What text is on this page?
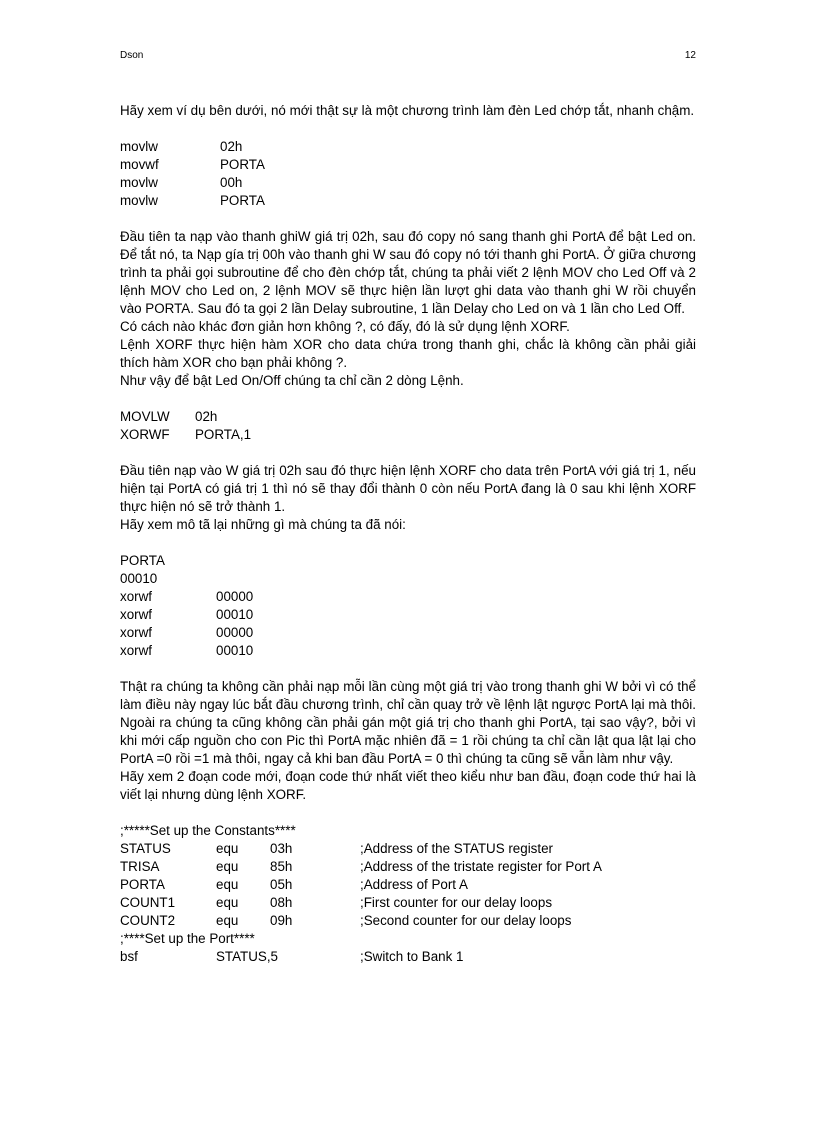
Dson	12

Hãy xem ví dụ bên dưới, nó mới thật sự là một chương trình làm đèn Led chớp tắt, nhanh chậm.

movlw	02h
movwf	PORTA
movlw	00h
movlw	PORTA

Đầu tiên ta nạp vào thanh ghiW giá trị 02h, sau đó copy nó sang thanh ghi PortA để bật Led on. Để tắt nó, ta Nạp gía trị 00h vào thanh ghi W sau đó copy nó tới thanh ghi PortA. Ở giữa chương trình ta phải gọi subroutine để cho đèn chớp tắt, chúng ta phải viết 2 lệnh MOV cho Led Off và 2 lệnh MOV cho Led on, 2 lệnh MOV sẽ thực hiện lần lượt ghi data vào thanh ghi W rồi chuyển vào PORTA. Sau đó ta gọi 2 lần Delay subroutine, 1 lần Delay cho Led on và 1 lần cho Led Off.

Có cách nào khác đơn giản hơn không ?, có đấy, đó là sử dụng lệnh XORF.

Lệnh XORF thực hiện hàm XOR cho data chứa trong thanh ghi, chắc là không cần phải giải thích hàm XOR cho bạn phải không ?.

Như vậy để bật Led On/Off chúng ta chỉ cần 2 dòng Lệnh.

MOVLW	02h
XORWF	PORTA,1

Đầu tiên nạp vào W giá trị 02h sau đó thực hiện lệnh XORF cho data trên PortA với giá trị 1, nếu hiện tại PortA có giá trị 1 thì nó sẽ thay đổi thành 0 còn nếu PortA đang là 0 sau khi lệnh XORF thực hiện nó sẽ trở thành 1.

Hãy xem mô tã lại những gì mà chúng ta đã nói:

PORTA
00010
xorwf	00000
xorwf	00010
xorwf	00000
xorwf	00010

Thật ra chúng ta không cần phải nạp mỗi lần cùng một giá trị vào trong thanh ghi W bởi vì có thể làm điều này ngay lúc bắt đầu chương trình, chỉ cần quay trở về lệnh lật ngược PortA lại mà thôi. Ngoài ra chúng ta cũng không cần phải gán một giá trị cho thanh ghi PortA, tại sao vậy?, bởi vì khi mới cấp nguồn cho con Pic thì PortA mặc nhiên đã = 1 rồi chúng ta chỉ cần lật qua lật lại cho PortA =0 rồi =1 mà thôi, ngay cả khi ban đầu PortA = 0 thì chúng ta cũng sẽ vẫn làm như vậy.

Hãy xem 2 đoạn code mới, đoạn code thứ nhất viết theo kiểu như ban đầu, đoạn code thứ hai là viết lại nhưng dùng lệnh XORF.

;*****Set up the Constants****
STATUS	equ	03h	;Address of the STATUS register
TRISA	equ	85h	;Address of the tristate register for Port A
PORTA	equ	05h	;Address of Port A
COUNT1	equ	08h	;First counter for our delay loops
COUNT2	equ	09h	;Second counter for our delay loops
;****Set up the Port****
bsf	STATUS,5	;Switch to Bank 1
